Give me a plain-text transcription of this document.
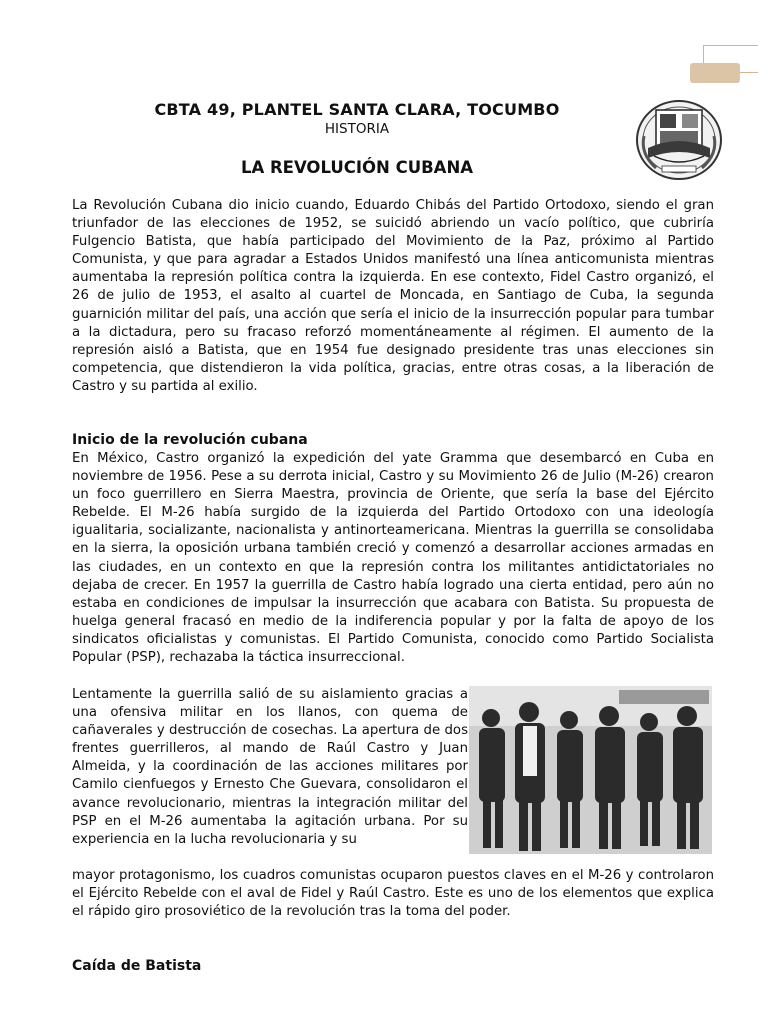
CBTA 49, PLANTEL SANTA CLARA, TOCUMBO
HISTORIA
LA REVOLUCIÓN CUBANA

La Revolución Cubana dio inicio cuando, Eduardo Chibás del Partido Ortodoxo, siendo el gran triunfador de las elecciones de 1952, se suicidó abriendo un vacío político, que cubriría Fulgencio Batista, que había participado del Movimiento de la Paz, próximo al Partido Comunista, y que para agradar a Estados Unidos manifestó una línea anticomunista mientras aumentaba la represión política contra la izquierda. En ese contexto, Fidel Castro organizó, el 26 de julio de 1953, el asalto al cuartel de Moncada, en Santiago de Cuba, la segunda guarnición militar del país, una acción que sería el inicio de la insurrección popular para tumbar a la dictadura, pero su fracaso reforzó momentáneamente al régimen. El aumento de la represión aisló a Batista, que en 1954 fue designado presidente tras unas elecciones sin competencia, que distendieron la vida política, gracias, entre otras cosas, a la liberación de Castro y su partida al exilio.

Inicio de la revolución cubana

En México, Castro organizó la expedición del yate Gramma que desembarcó en Cuba en noviembre de 1956. Pese a su derrota inicial, Castro y su Movimiento 26 de Julio (M-26) crearon un foco guerrillero en Sierra Maestra, provincia de Oriente, que sería la base del Ejército Rebelde. El M-26 había surgido de la izquierda del Partido Ortodoxo con una ideología igualitaria, socializante, nacionalista y antinorteamericana. Mientras la guerrilla se consolidaba en la sierra, la oposición urbana también creció y comenzó a desarrollar acciones armadas en las ciudades, en un contexto en que la represión contra los militantes antidictatoriales no dejaba de crecer. En 1957 la guerrilla de Castro había logrado una cierta entidad, pero aún no estaba en condiciones de impulsar la insurrección que acabara con Batista. Su propuesta de huelga general fracasó en medio de la indiferencia popular y por la falta de apoyo de los sindicatos oficialistas y comunistas. El Partido Comunista, conocido como Partido Socialista Popular (PSP), rechazaba la táctica insurreccional.

Lentamente la guerrilla salió de su aislamiento gracias a una ofensiva militar en los llanos, con quema de cañaverales y destrucción de cosechas. La apertura de dos frentes guerrilleros, al mando de Raúl Castro y Juan Almeida, y la coordinación de las acciones militares por Camilo cienfuegos y Ernesto Che Guevara, consolidaron el avance revolucionario, mientras la integración militar del PSP en el M-26 aumentaba la agitación urbana. Por su experiencia en la lucha revolucionaria y su

mayor protagonismo, los cuadros comunistas ocuparon puestos claves en el M-26 y controlaron el Ejército Rebelde con el aval de Fidel y Raúl Castro. Este es uno de los elementos que explica el rápido giro prosoviético de la revolución tras la toma del poder.

Caída de Batista
